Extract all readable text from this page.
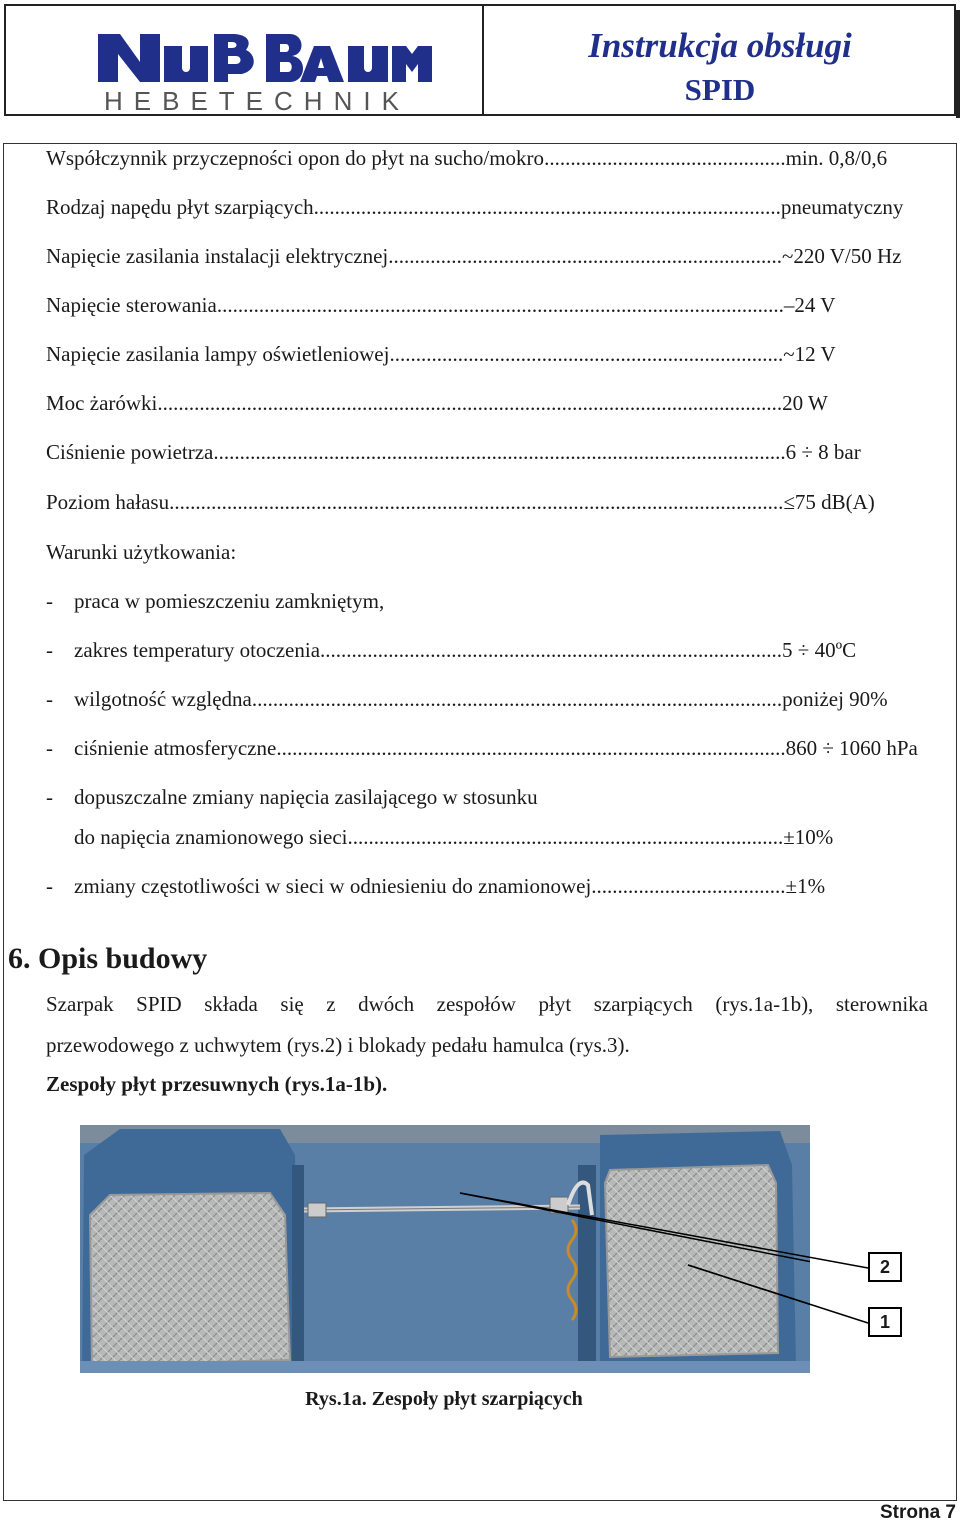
HEBETECHNIK
Instrukcja obsługi
SPID
Współczynnik przyczepności opon do płyt na sucho/mokro .............................................. min. 0,8/0,6
Rodzaj napędu płyt szarpiących ......................................................................................... pneumatyczny
Napięcie zasilania instalacji elektrycznej ........................................................................... ~220 V/50 Hz
Napięcie sterowania ............................................................................................................ –24 V
Napięcie zasilania lampy oświetleniowej ........................................................................... ~12 V
Moc żarówki ....................................................................................................................... 20 W
Ciśnienie powietrza ............................................................................................................. 6 ÷ 8 bar
Poziom hałasu ..................................................................................................................... ≤75 dB(A)
Warunki użytkowania:
-	praca w pomieszczeniu zamkniętym,
-	zakres temperatury otoczenia ........................................................................................ 5 ÷ 40ºC
-	wilgotność względna ..................................................................................................... poniżej 90%
-	ciśnienie atmosferyczne ................................................................................................. 860 ÷ 1060 hPa
-	dopuszczalne zmiany napięcia zasilającego w stosunku
do napięcia znamionowego sieci ................................................................................... ±10%
-	zmiany częstotliwości w sieci w odniesieniu do znamionowej ..................................... ±1%
6. Opis budowy
Szarpak SPID składa się z dwóch zespołów płyt szarpiących (rys.1a-1b), sterownika
przewodowego z uchwytem (rys.2) i blokady pedału hamulca (rys.3).
Zespoły płyt przesuwnych (rys.1a-1b).
2
1
Rys.1a. Zespoły płyt szarpiących
Strona 7
